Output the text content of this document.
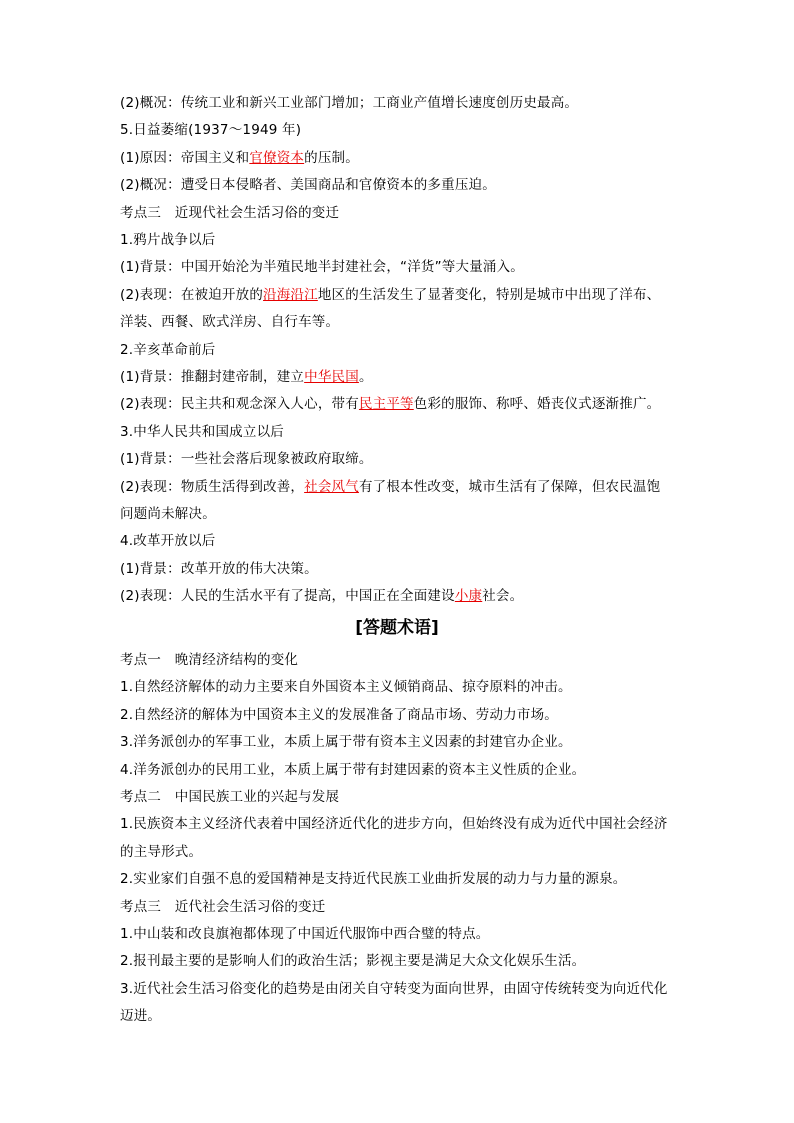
(2)概况：传统工业和新兴工业部门增加；工商业产值增长速度创历史最高。
5.日益萎缩(1937～1949 年)
(1)原因：帝国主义和官僚资本的压制。
(2)概况：遭受日本侵略者、美国商品和官僚资本的多重压迫。
考点三　近现代社会生活习俗的变迁
1.鸦片战争以后
(1)背景：中国开始沦为半殖民地半封建社会，“洋货”等大量涌入。
(2)表现：在被迫开放的沿海沿江地区的生活发生了显著变化，特别是城市中出现了洋布、
洋装、西餐、欧式洋房、自行车等。
2.辛亥革命前后
(1)背景：推翻封建帝制，建立中华民国。
(2)表现：民主共和观念深入人心，带有民主平等色彩的服饰、称呼、婚丧仪式逐渐推广。
3.中华人民共和国成立以后
(1)背景：一些社会落后现象被政府取缔。
(2)表现：物质生活得到改善，社会风气有了根本性改变，城市生活有了保障，但农民温饱
问题尚未解决。
4.改革开放以后
(1)背景：改革开放的伟大决策。
(2)表现：人民的生活水平有了提高，中国正在全面建设小康社会。
[答题术语]
考点一　晚清经济结构的变化
1.自然经济解体的动力主要来自外国资本主义倾销商品、掠夺原料的冲击。
2.自然经济的解体为中国资本主义的发展准备了商品市场、劳动力市场。
3.洋务派创办的军事工业，本质上属于带有资本主义因素的封建官办企业。
4.洋务派创办的民用工业，本质上属于带有封建因素的资本主义性质的企业。
考点二　中国民族工业的兴起与发展
1.民族资本主义经济代表着中国经济近代化的进步方向，但始终没有成为近代中国社会经济
的主导形式。
2.实业家们自强不息的爱国精神是支持近代民族工业曲折发展的动力与力量的源泉。
考点三　近代社会生活习俗的变迁
1.中山装和改良旗袍都体现了中国近代服饰中西合璧的特点。
2.报刊最主要的是影响人们的政治生活；影视主要是满足大众文化娱乐生活。
3.近代社会生活习俗变化的趋势是由闭关自守转变为面向世界，由固守传统转变为向近代化
迈进。
